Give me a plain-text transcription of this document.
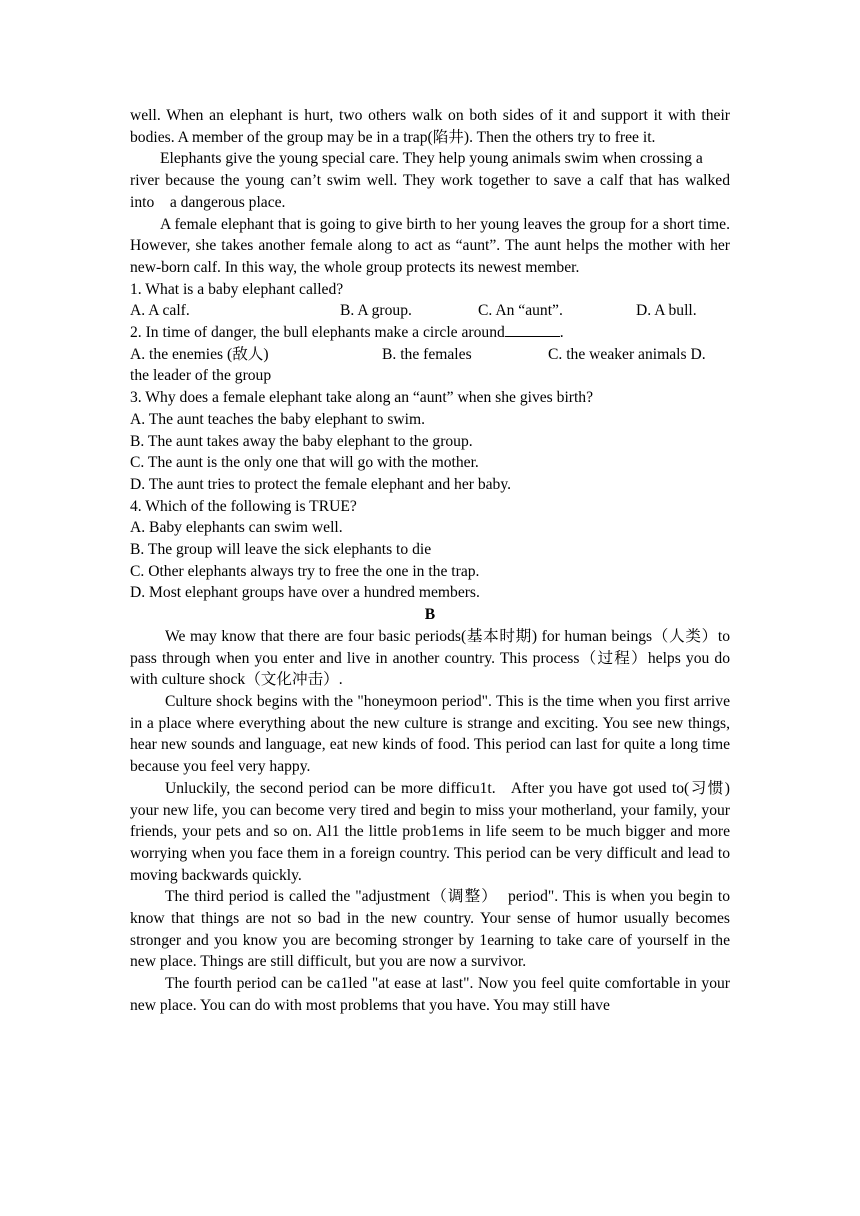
well. When an elephant is hurt, two others walk on both sides of it and support it with their bodies. A member of the group may be in a trap(陷井). Then the others try to free it.

Elephants give the young special care. They help young animals swim when crossing a

river because the young can’t swim well. They work together to save a calf that has walked into    a dangerous place.

A female elephant that is going to give birth to her young leaves the group for a short time. However, she takes another female along to act as “aunt”. The aunt helps the mother with her new-born calf. In this way, the whole group protects its newest member.

1. What is a baby elephant called?

A. A calf.	B. A group.	C. An “aunt”.	D. A bull.

2. In time of danger, the bull elephants make a circle around	.

A. the enemies (敌人)	B. the females	C. the weaker animals D.

the leader of the group

3. Why does a female elephant take along an “aunt” when she gives birth?

A. The aunt teaches the baby elephant to swim.

B. The aunt takes away the baby elephant to the group.

C. The aunt is the only one that will go with the mother.

D. The aunt tries to protect the female elephant and her baby.

4. Which of the following is TRUE?

A. Baby elephants can swim well.

B. The group will leave the sick elephants to die

C. Other elephants always try to free the one in the trap.

D. Most elephant groups have over a hundred members.

B

We may know that there are four basic periods(基本时期) for human beings（人类）to pass through when you enter and live in another country. This process（过程）helps you do with culture shock（文化冲击）.

Culture shock begins with the "honeymoon period". This is the time when you first arrive in a place where everything about the new culture is strange and exciting. You see new things, hear new sounds and language, eat new kinds of food. This period can last for quite a long time because you feel very happy.

Unluckily, the second period can be more difficu1t.   After you have got used to(习惯) your new life, you can become very tired and begin to miss your motherland, your family, your friends, your pets and so on. Al1 the little prob1ems in life seem to be much bigger and more worrying when you face them in a foreign country. This period can be very difficult and lead to moving backwards quickly.

The third period is called the "adjustment（调整）  period". This is when you begin to know that things are not so bad in the new country. Your sense of humor usually becomes stronger and you know you are becoming stronger by 1earning to take care of yourself in the new place. Things are still difficult, but you are now a survivor.

The fourth period can be ca1led "at ease at last". Now you feel quite comfortable in your new place. You can do with most problems that you have. You may still have
